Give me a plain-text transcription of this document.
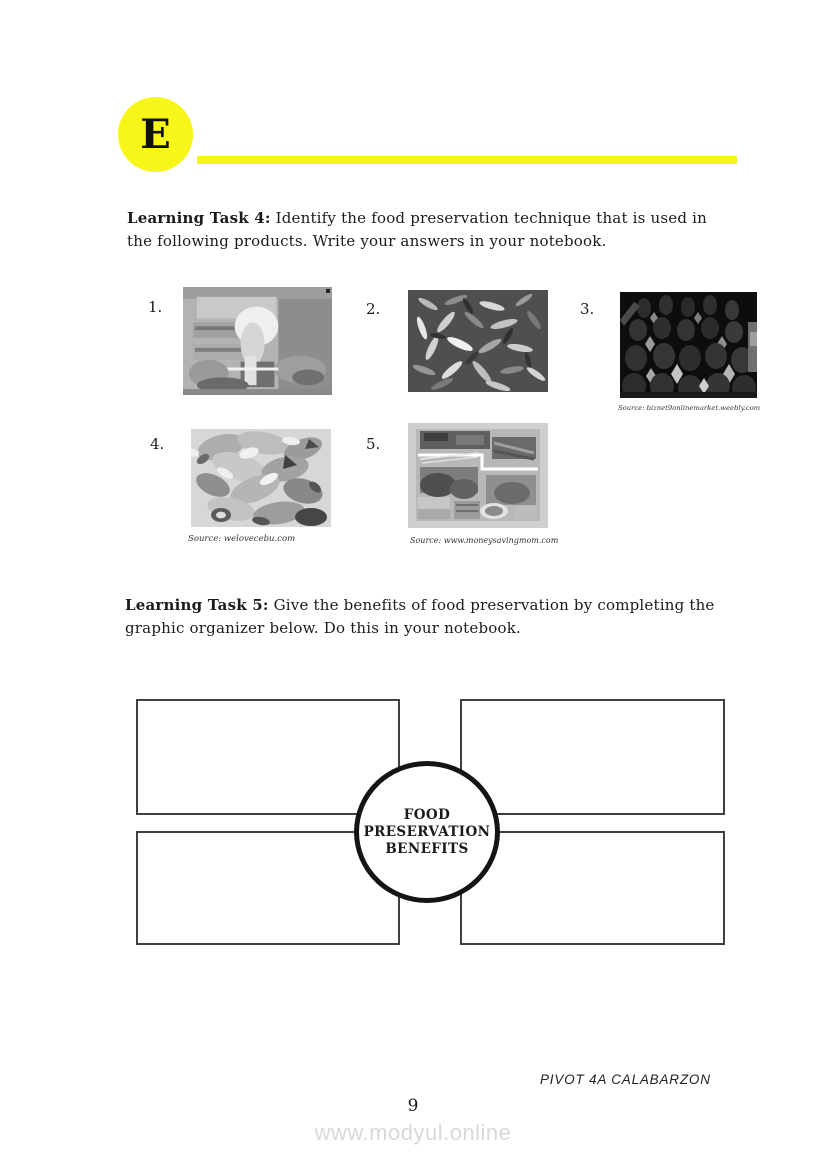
E

Learning Task 4: Identify the food preservation technique that is used in the following products. Write your answers in your notebook.

1.	2.	3.
Source: biznet9onlinemarket.weebly.com
4.
Source: welovecebu.com
5.
Source: www.moneysavingmom.com

Learning Task 5: Give the benefits of food preservation by completing the graphic organizer below. Do this in your notebook.

FOOD
PRESERVATION
BENEFITS
PIVOT 4A CALABARZON
9
www.modyul.online
